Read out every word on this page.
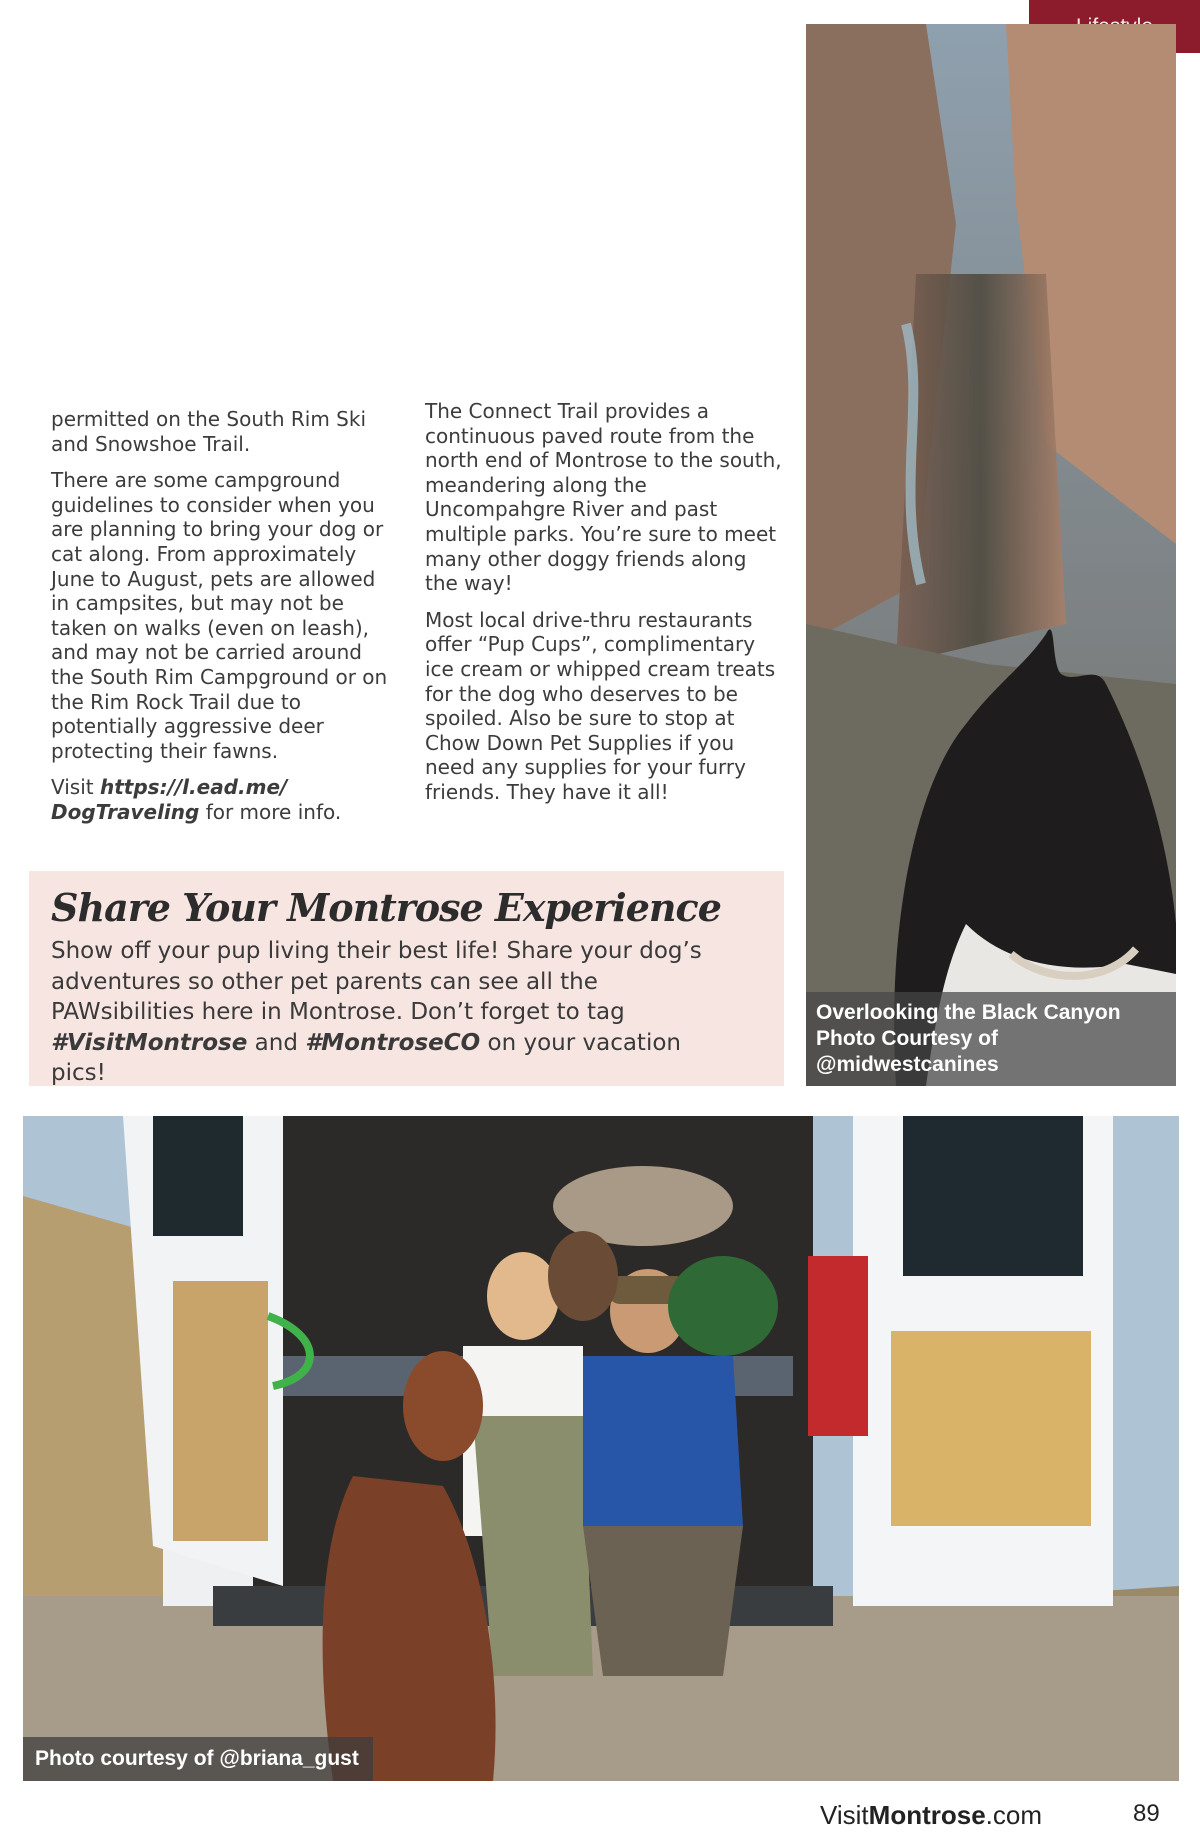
Overlooking the Black Canyon
Photo Courtesy of
@midwestcanines

permitted on the South Rim Ski and Snowshoe Trail.

There are some campground guidelines to consider when you are planning to bring your dog or cat along. From approximately June to August, pets are allowed in campsites, but may not be taken on walks (even on leash), and may not be carried around the South Rim Campground or on the Rim Rock Trail due to potentially aggressive deer protecting their fawns.

Visit https://l.ead.me/ DogTraveling for more info.

The Connect Trail provides a continuous paved route from the north end of Montrose to the south, meandering along the Uncompahgre River and past multiple parks. You’re sure to meet many other doggy friends along the way!

Most local drive-thru restaurants offer “Pup Cups”, complimentary ice cream or whipped cream treats for the dog who deserves to be spoiled. Also be sure to stop at Chow Down Pet Supplies if you need any supplies for your furry friends. They have it all!

Share Your Montrose Experience
Show off your pup living their best life! Share your dog’s adventures so other pet parents can see all the PAWsibilities here in Montrose. Don’t forget to tag #VisitMontrose and #MontroseCO on your vacation pics!
Photo courtesy of @briana_gust
VisitMontrose.com	89
